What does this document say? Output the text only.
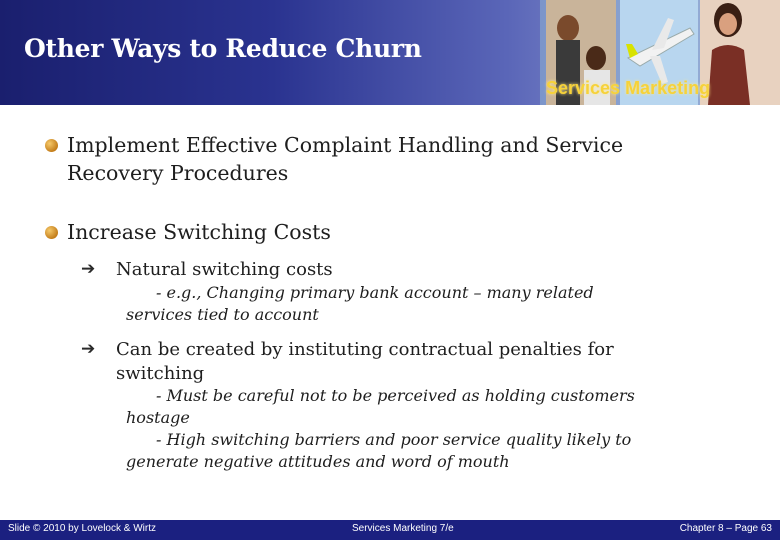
Other Ways to Reduce Churn
Services Marketing
Implement Effective Complaint Handling and Service
Recovery Procedures
Increase Switching Costs
➔ Natural switching costs
- e.g., Changing primary bank account – many related
services tied to account
➔ Can be created by instituting contractual penalties for
switching
- Must be careful not to be perceived as holding customers
hostage
- High switching barriers and poor service quality likely to
generate negative attitudes and word of mouth
Slide © 2010 by Lovelock & Wirtz	Services Marketing 7/e	Chapter 8 – Page 63
